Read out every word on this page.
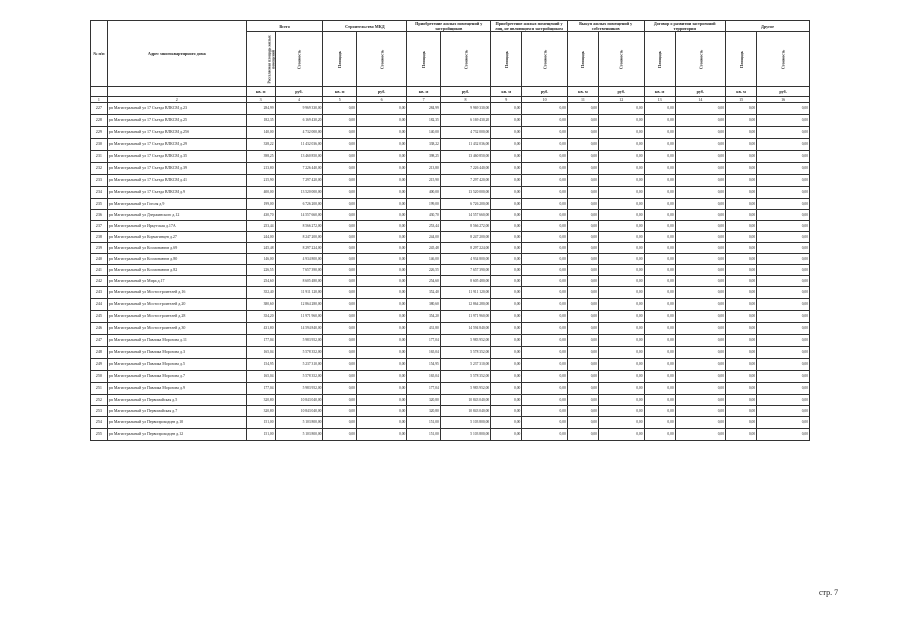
№ п/п	Адрес многоквартирного дома	Всего		Строительство МКД		Приобретение жилых помещений у застройщиков		Приобретение жилых помещений у лиц, не являющихся застройщиком		Выкуп жилых помещений у собственников		Договор о развитии застроенной территории		Другое	
		Расселяемая площадь жилых помещений	Стоимость	Площадь	Стоимость	Площадь	Стоимость	Площадь	Стоимость	Площадь	Стоимость	Площадь	Стоимость	Площадь	Стоимость
		кв. м	руб.	кв. м	руб.	кв. м	руб.	кв. м	руб.	кв. м	руб.	кв. м	руб.	кв. м	руб.
1	2	3	4	5	6	7	8	9	10	11	12	13	14	15	16
227	рп Магистральный ул 17 Съезда ВЛКСМ д.23	284,99	9 969 330,00	0,00	0,00	284,99	9 969 330,00	0,00	0,00	0,00	0,00	0,00	0,00	0,00	0,00
228	рп Магистральный ул 17 Съезда ВЛКСМ д.25	182,35	6 169 430,20	0,00	0,00	182,35	6 169 430,20	0,00	0,00	0,00	0,00	0,00	0,00	0,00	0,00
229	рп Магистральный ул 17 Съезда ВЛКСМ д.25б	140,00	4 732 000,00	0,00	0,00	140,00	4 732 000,00	0,00	0,00	0,00	0,00	0,00	0,00	0,00	0,00
230	рп Магистральный ул 17 Съезда ВЛКСМ д.29	338,22	11 432 036,00	0,00	0,00	338,22	11 432 036,00	0,00	0,00	0,00	0,00	0,00	0,00	0,00	0,00
231	рп Магистральный ул 17 Съезда ВЛКСМ д.35	398,25	13 460 850,00	0,00	0,00	398,25	13 460 850,00	0,00	0,00	0,00	0,00	0,00	0,00	0,00	0,00
232	рп Магистральный ул 17 Съезда ВЛКСМ д.39	213,80	7 226 440,00	0,00	0,00	213,80	7 226 440,00	0,00	0,00	0,00	0,00	0,00	0,00	0,00	0,00
233	рп Магистральный ул 17 Съезда ВЛКСМ д.41	215,90	7 297 420,00	0,00	0,00	215,90	7 297 420,00	0,00	0,00	0,00	0,00	0,00	0,00	0,00	0,00
234	рп Магистральный ул 17 Съезда ВЛКСМ д.9	400,00	13 520 000,00	0,00	0,00	400,00	13 520 000,00	0,00	0,00	0,00	0,00	0,00	0,00	0,00	0,00
235	рп Магистральный ул Гоголя д.9	199,00	6 726 200,00	0,00	0,00	199,00	6 726 200,00	0,00	0,00	0,00	0,00	0,00	0,00	0,00	0,00
236	рп Магистральный ул Дзержинского д.12	430,70	14 557 660,00	0,00	0,00	430,70	14 557 660,00	0,00	0,00	0,00	0,00	0,00	0,00	0,00	0,00
237	рп Магистральный ул Иркутская д.17А	253,44	8 566 272,00	0,00	0,00	253,44	8 566 272,00	0,00	0,00	0,00	0,00	0,00	0,00	0,00	0,00
238	рп Магистральный ул Корчагинцев д.27	244,00	8 247 200,00	0,00	0,00	244,00	8 247 200,00	0,00	0,00	0,00	0,00	0,00	0,00	0,00	0,00
239	рп Магистральный ул Космонавтов д.69	245,48	8 297 224,00	0,00	0,00	245,48	8 297 224,00	0,00	0,00	0,00	0,00	0,00	0,00	0,00	0,00
240	рп Магистральный ул Космонавтов д.80	146,00	4 934 800,00	0,00	0,00	146,00	4 934 800,00	0,00	0,00	0,00	0,00	0,00	0,00	0,00	0,00
241	рп Магистральный ул Космонавтов д.82	226,55	7 657 390,00	0,00	0,00	226,55	7 657 390,00	0,00	0,00	0,00	0,00	0,00	0,00	0,00	0,00
242	рп Магистральный ул Мира д.17	254,60	8 605 480,00	0,00	0,00	254,60	8 605 480,00	0,00	0,00	0,00	0,00	0,00	0,00	0,00	0,00
243	рп Магистральный ул Мостостроителей д.16	352,40	11 911 120,00	0,00	0,00	352,40	11 911 120,00	0,00	0,00	0,00	0,00	0,00	0,00	0,00	0,00
244	рп Магистральный ул Мостостроителей д.20	380,60	12 864 280,00	0,00	0,00	380,60	12 864 280,00	0,00	0,00	0,00	0,00	0,00	0,00	0,00	0,00
245	рп Магистральный ул Мостостроителей д.28	354,20	11 971 960,00	0,00	0,00	354,20	11 971 960,00	0,00	0,00	0,00	0,00	0,00	0,00	0,00	0,00
246	рп Магистральный ул Мостостроителей д.30	431,80	14 594 840,00	0,00	0,00	431,80	14 594 840,00	0,00	0,00	0,00	0,00	0,00	0,00	0,00	0,00
247	рп Магистральный ул Павлика Морозова д.11	177,04	5 983 952,00	0,00	0,00	177,04	5 983 952,00	0,00	0,00	0,00	0,00	0,00	0,00	0,00	0,00
248	рп Магистральный ул Павлика Морозова д.3	165,04	5 578 352,00	0,00	0,00	165,04	5 578 352,00	0,00	0,00	0,00	0,00	0,00	0,00	0,00	0,00
249	рп Магистральный ул Павлика Морозова д.5	154,95	5 237 310,00	0,00	0,00	154,95	5 237 310,00	0,00	0,00	0,00	0,00	0,00	0,00	0,00	0,00
250	рп Магистральный ул Павлика Морозова д.7	165,04	5 578 352,00	0,00	0,00	165,04	5 578 352,00	0,00	0,00	0,00	0,00	0,00	0,00	0,00	0,00
251	рп Магистральный ул Павлика Морозова д.9	177,04	5 983 952,00	0,00	0,00	177,04	5 983 952,00	0,00	0,00	0,00	0,00	0,00	0,00	0,00	0,00
252	рп Магистральный ул Первомайская д.5	320,80	10 843 040,00	0,00	0,00	320,80	10 843 040,00	0,00	0,00	0,00	0,00	0,00	0,00	0,00	0,00
253	рп Магистральный ул Первомайская д.7	320,80	10 843 040,00	0,00	0,00	320,80	10 843 040,00	0,00	0,00	0,00	0,00	0,00	0,00	0,00	0,00
254	рп Магистральный ул Первопроходцев д.10	151,00	5 103 800,00	0,00	0,00	151,00	5 103 800,00	0,00	0,00	0,00	0,00	0,00	0,00	0,00	0,00
255	рп Магистральный ул Первопроходцев д.12	151,00	5 103 800,00	0,00	0,00	151,00	5 103 800,00	0,00	0,00	0,00	0,00	0,00	0,00	0,00	0,00
стр. 7
